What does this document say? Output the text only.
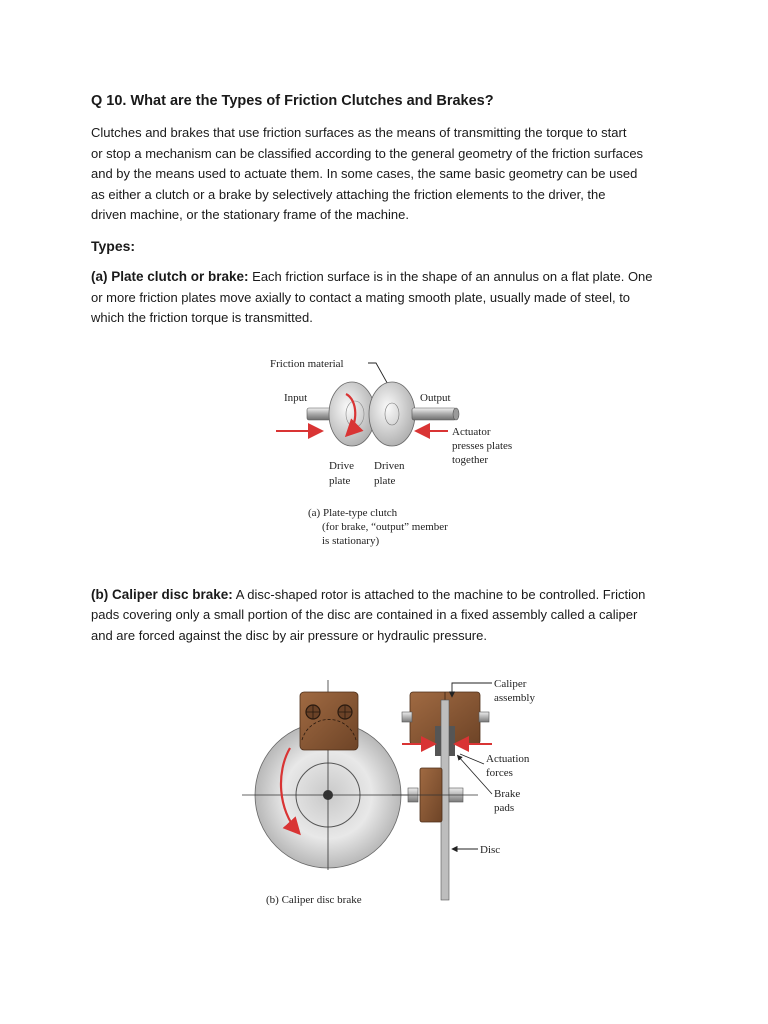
Q 10. What are the Types of Friction Clutches and Brakes?

Clutches and brakes that use friction surfaces as the means of transmitting the torque to start

or stop a mechanism can be classified according to the general geometry of the friction surfaces

and by the means used to actuate them. In some cases, the same basic geometry can be used

as either a clutch or a brake by selectively attaching the friction elements to the driver, the

driven machine, or the stationary frame of the machine.

Types:

(a) Plate clutch or brake: Each friction surface is in the shape of an annulus on a flat plate. One

or more friction plates move axially to contact a mating smooth plate, usually made of steel, to

which the friction torque is transmitted.

Friction material
Input	Output
Actuator presses plates together
Drive plate
Driven plate
(a) Plate-type clutch (for brake, “output” member is stationary)

(b) Caliper disc brake: A disc-shaped rotor is attached to the machine to be controlled. Friction

pads covering only a small portion of the disc are contained in a fixed assembly called a caliper

and are forced against the disc by air pressure or hydraulic pressure.

Caliper assembly
Actuation forces
Brake pads
Disc
(b) Caliper disc brake
